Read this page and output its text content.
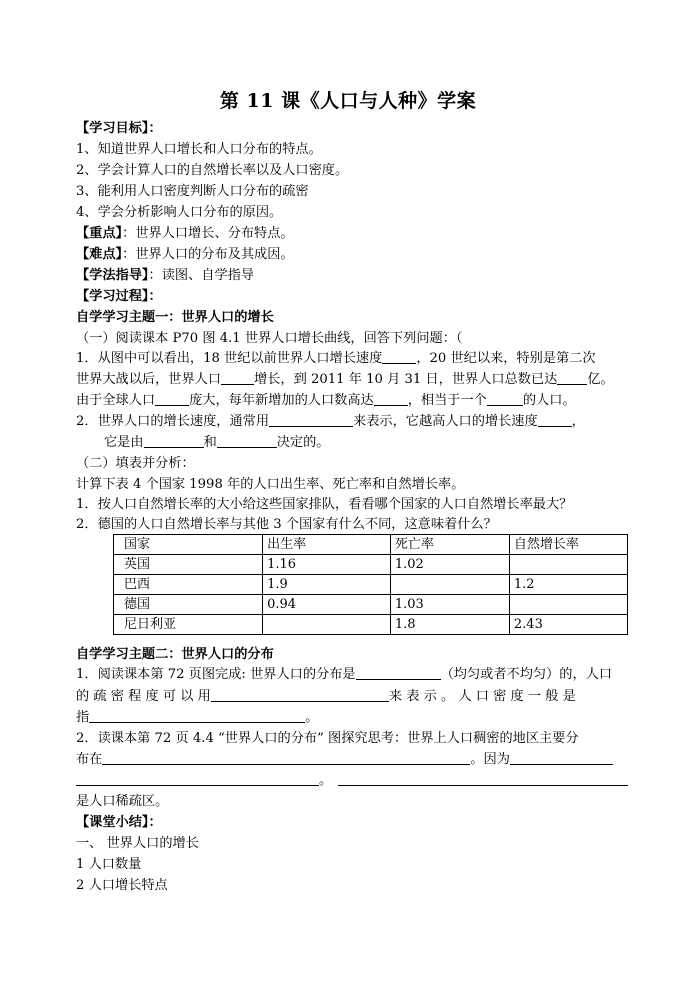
第 11 课《人口与人种》学案
【学习目标】：
1、知道世界人口增长和人口分布的特点。
2、学会计算人口的自然增长率以及人口密度。
3、能利用人口密度判断人口分布的疏密
4、学会分析影响人口分布的原因。
【重点】：世界人口增长、分布特点。
【难点】：世界人口的分布及其成因。
【学法指导】：读图、自学指导
【学习过程】：
自学学习主题一：世界人口的增长
（一）阅读课本 P70 图 4.1 世界人口增长曲线，回答下列问题：（
1．从图中可以看出，18 世纪以前世界人口增长速度	，20 世纪以来，特别是第二次
世界大战以后，世界人口	增长，到 2011 年 10 月 31 日，世界人口总数已达 亿。
由于全球人口	庞大，每年新增加的人口数高达	，相当于一个	的人口。
2．世界人口的增长速度，通常用	来表示，它越高人口的增长速度	，
它是由	和	决定的。
（二）填表并分析：
计算下表 4 个国家 1998 年的人口出生率、死亡率和自然增长率。
1．按人口自然增长率的大小给这些国家排队，看看哪个国家的人口自然增长率最大？
2．德国的人口自然增长率与其他 3 个国家有什么不同，这意味着什么？
国家	出生率	死亡率	自然增长率
英国	1.16	1.02	
巴西	1.9		1.2
德国	0.94	1.03	
尼日利亚		1.8	2.43
自学学习主题二：世界人口的分布
1．阅读课本第 72 页图完成: 世界人口的分布是	（均匀或者不均匀）的，人口
的 疏 密 程 度 可 以 用	来 表 示 。 人 口 密 度 一 般 是
指	。
2．读课本第 72 页 4.4 “世界人口的分布” 图探究思考：世界上人口稠密的地区主要分
布在	。因为
。
是人口稀疏区。
【课堂小结】：
一、 世界人口的增长
1 人口数量
2 人口增长特点
